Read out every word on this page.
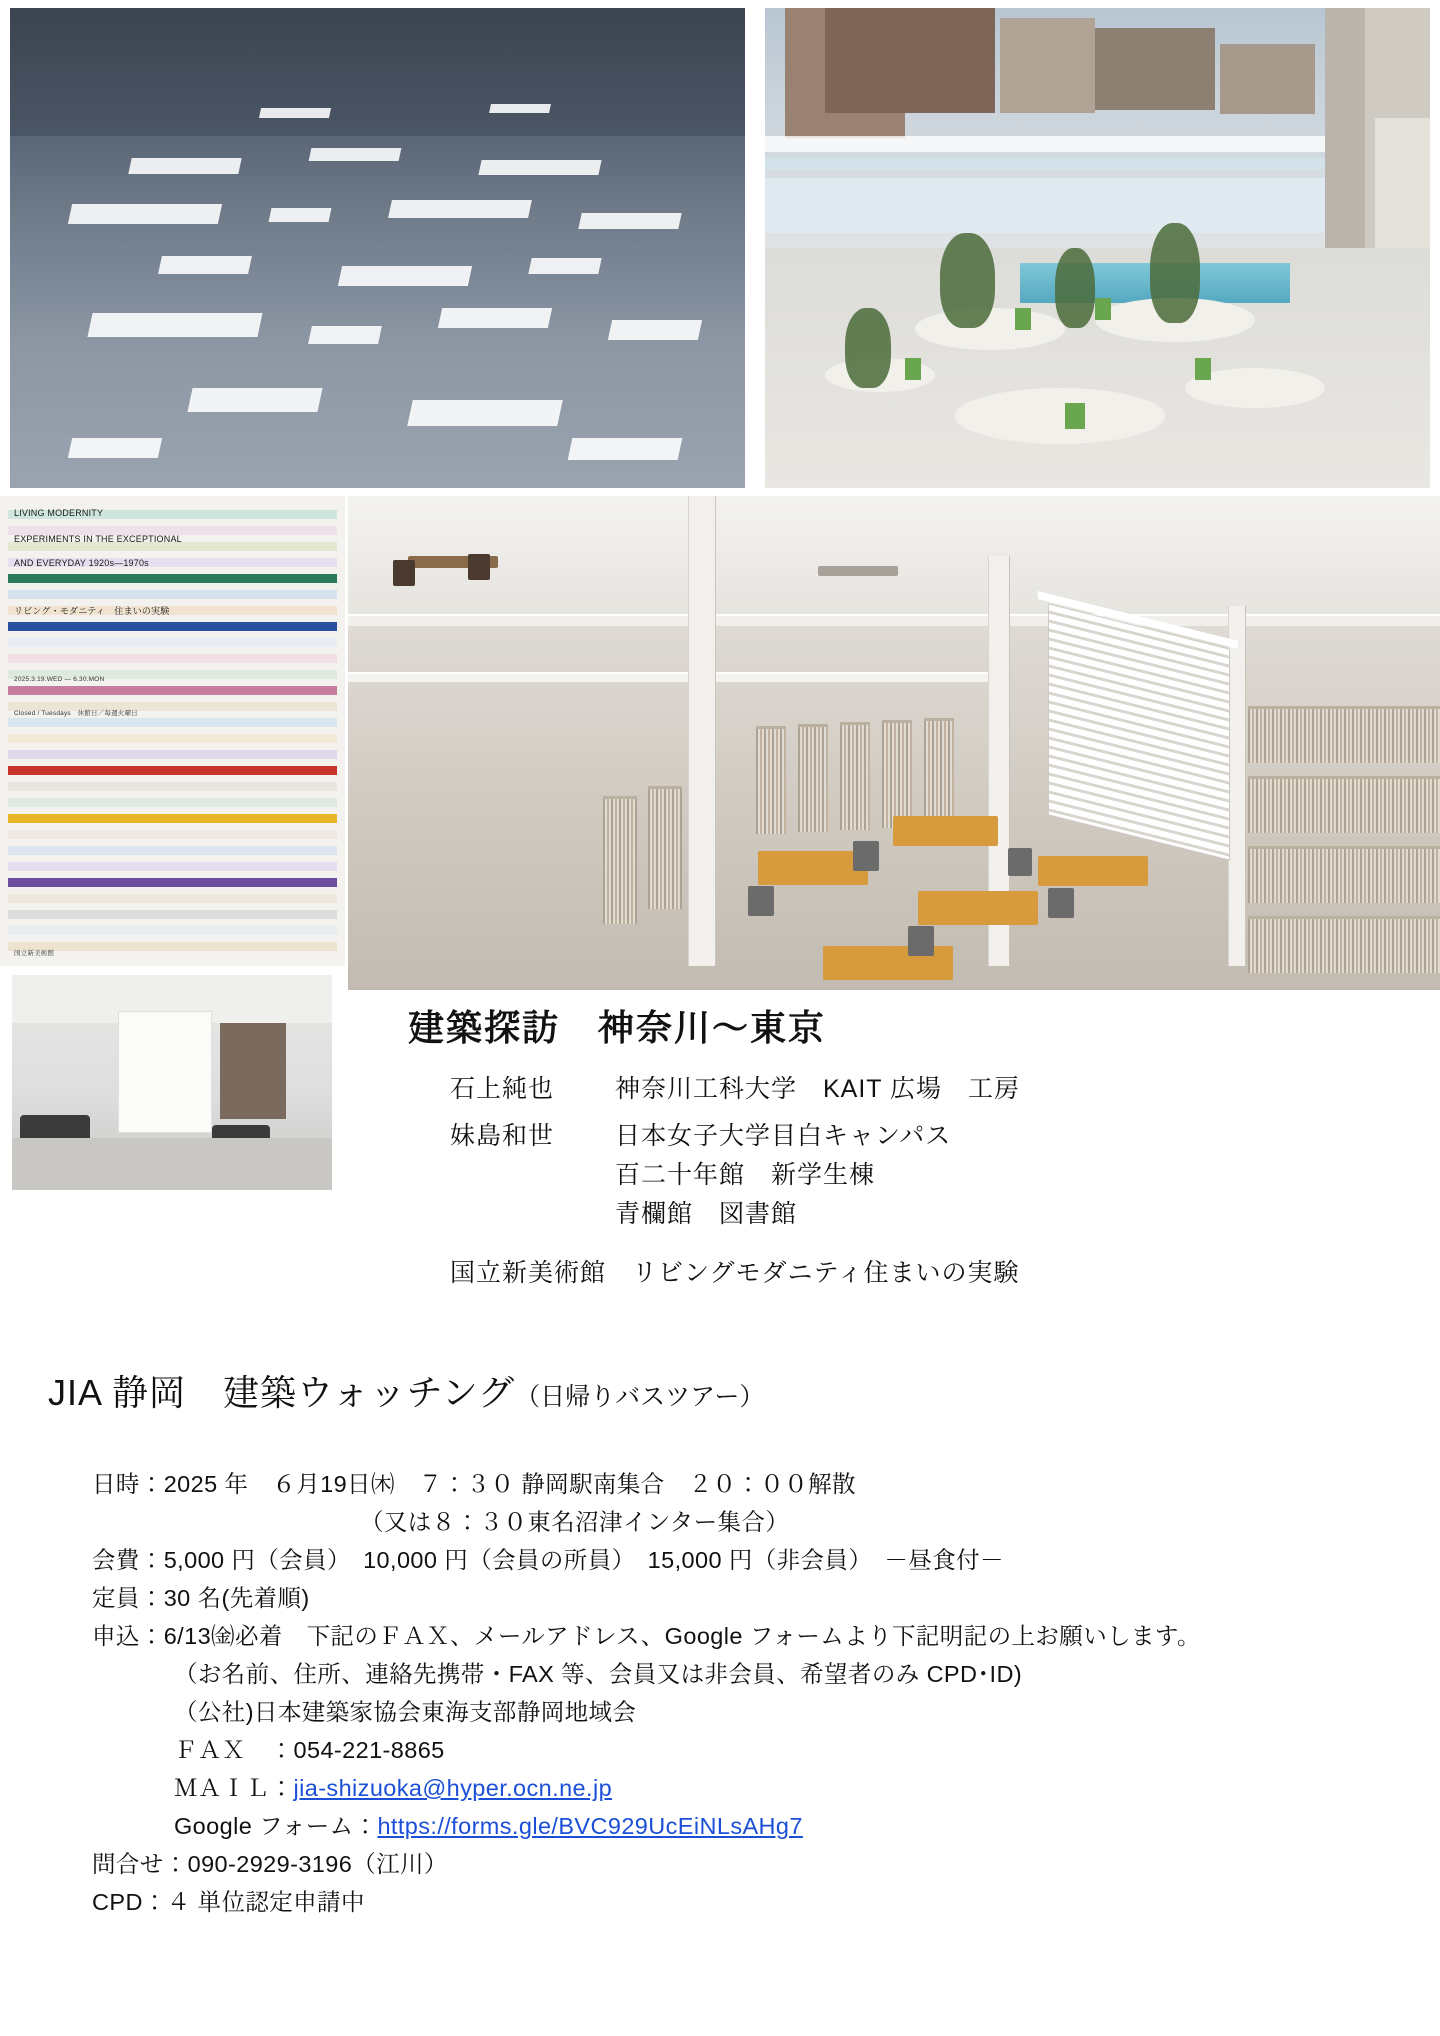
LIVING MODERNITY
EXPERIMENTS IN THE EXCEPTIONAL
AND EVERYDAY 1920s—1970s
リビング・モダニティ　住まいの実験
2025.3.19.WED — 6.30.MON
Closed / Tuesdays　休館日／毎週火曜日
国立新美術館
建築探訪　神奈川〜東京
石上純也	神奈川工科大学　KAIT 広場　工房
妹島和世	日本女子大学目白キャンパス
百二十年館　新学生棟
青欄館　図書館
国立新美術館　リビングモダニティ住まいの実験
JIA 静岡　建築ウォッチング（日帰りバスツアー）
日時：2025 年　６月19日㈭　７：３０ 静岡駅南集合　２０：００解散
（又は８：３０東名沼津インター集合）
会費：5,000 円（会員）　10,000 円（会員の所員）　15,000 円（非会員）　－昼食付－
定員：30 名(先着順)
申込：6/13㈮必着　下記のＦＡＸ、メールアドレス、Google フォームより下記明記の上お願いします。
（お名前、住所、連絡先携帯・FAX 等、会員又は非会員、希望者のみ CPD･ID)
（公社)日本建築家協会東海支部静岡地域会
ＦＡＸ　：054-221-8865
ＭＡＩＬ：jia-shizuoka@hyper.ocn.ne.jp
Google フォーム：https://forms.gle/BVC929UcEiNLsAHg7
問合せ：090-2929-3196（江川）
CPD：４ 単位認定申請中
